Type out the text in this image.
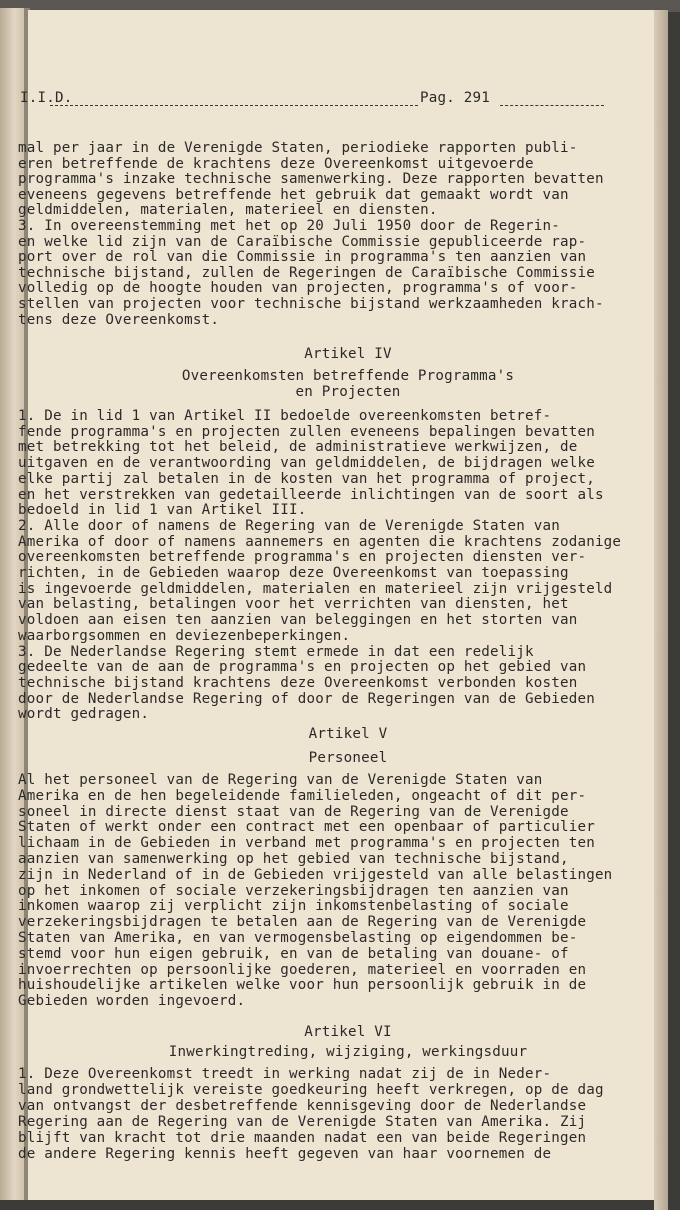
I.I.D.	Pag. 291
mal per jaar in de Verenigde Staten, periodieke rapporten publi-
eren betreffende de krachtens deze Overeenkomst uitgevoerde
programma's inzake technische samenwerking. Deze rapporten bevatten
eveneens gegevens betreffende het gebruik dat gemaakt wordt van
geldmiddelen, materialen, materieel en diensten.
3. In overeenstemming met het op 20 Juli 1950 door de Regerin-
en welke lid zijn van de Caraïbische Commissie gepubliceerde rap-
port over de rol van die Commissie in programma's ten aanzien van
technische bijstand, zullen de Regeringen de Caraïbische Commissie
volledig op de hoogte houden van projecten, programma's of voor-
stellen van projecten voor technische bijstand werkzaamheden krach-
tens deze Overeenkomst.
Artikel IV
Overeenkomsten betreffende Programma's
en Projecten
1. De in lid 1 van Artikel II bedoelde overeenkomsten betref-
fende programma's en projecten zullen eveneens bepalingen bevatten
met betrekking tot het beleid, de administratieve werkwijzen, de
uitgaven en de verantwoording van geldmiddelen, de bijdragen welke
elke partij zal betalen in de kosten van het programma of project,
en het verstrekken van gedetailleerde inlichtingen van de soort als
bedoeld in lid 1 van Artikel III.
2. Alle door of namens de Regering van de Verenigde Staten van
Amerika of door of namens aannemers en agenten die krachtens zodanige
overeenkomsten betreffende programma's en projecten diensten ver-
richten, in de Gebieden waarop deze Overeenkomst van toepassing
is ingevoerde geldmiddelen, materialen en materieel zijn vrijgesteld
van belasting, betalingen voor het verrichten van diensten, het
voldoen aan eisen ten aanzien van beleggingen en het storten van
waarborgsommen en deviezenbeperkingen.
3. De Nederlandse Regering stemt ermede in dat een redelijk
gedeelte van de aan de programma's en projecten op het gebied van
technische bijstand krachtens deze Overeenkomst verbonden kosten
door de Nederlandse Regering of door de Regeringen van de Gebieden
wordt gedragen.
Artikel V
Personeel
Al het personeel van de Regering van de Verenigde Staten van
Amerika en de hen begeleidende familieleden, ongeacht of dit per-
soneel in directe dienst staat van de Regering van de Verenigde
Staten of werkt onder een contract met een openbaar of particulier
lichaam in de Gebieden in verband met programma's en projecten ten
aanzien van samenwerking op het gebied van technische bijstand,
zijn in Nederland of in de Gebieden vrijgesteld van alle belastingen
op het inkomen of sociale verzekeringsbijdragen ten aanzien van
inkomen waarop zij verplicht zijn inkomstenbelasting of sociale
verzekeringsbijdragen te betalen aan de Regering van de Verenigde
Staten van Amerika, en van vermogensbelasting op eigendommen be-
stemd voor hun eigen gebruik, en van de betaling van douane- of
invoerrechten op persoonlijke goederen, materieel en voorraden en
huishoudelijke artikelen welke voor hun persoonlijk gebruik in de
Gebieden worden ingevoerd.
Artikel VI
Inwerkingtreding, wijziging, werkingsduur
1. Deze Overeenkomst treedt in werking nadat zij de in Neder-
land grondwettelijk vereiste goedkeuring heeft verkregen, op de dag
van ontvangst der desbetreffende kennisgeving door de Nederlandse
Regering aan de Regering van de Verenigde Staten van Amerika. Zij
blijft van kracht tot drie maanden nadat een van beide Regeringen
de andere Regering kennis heeft gegeven van haar voornemen de
